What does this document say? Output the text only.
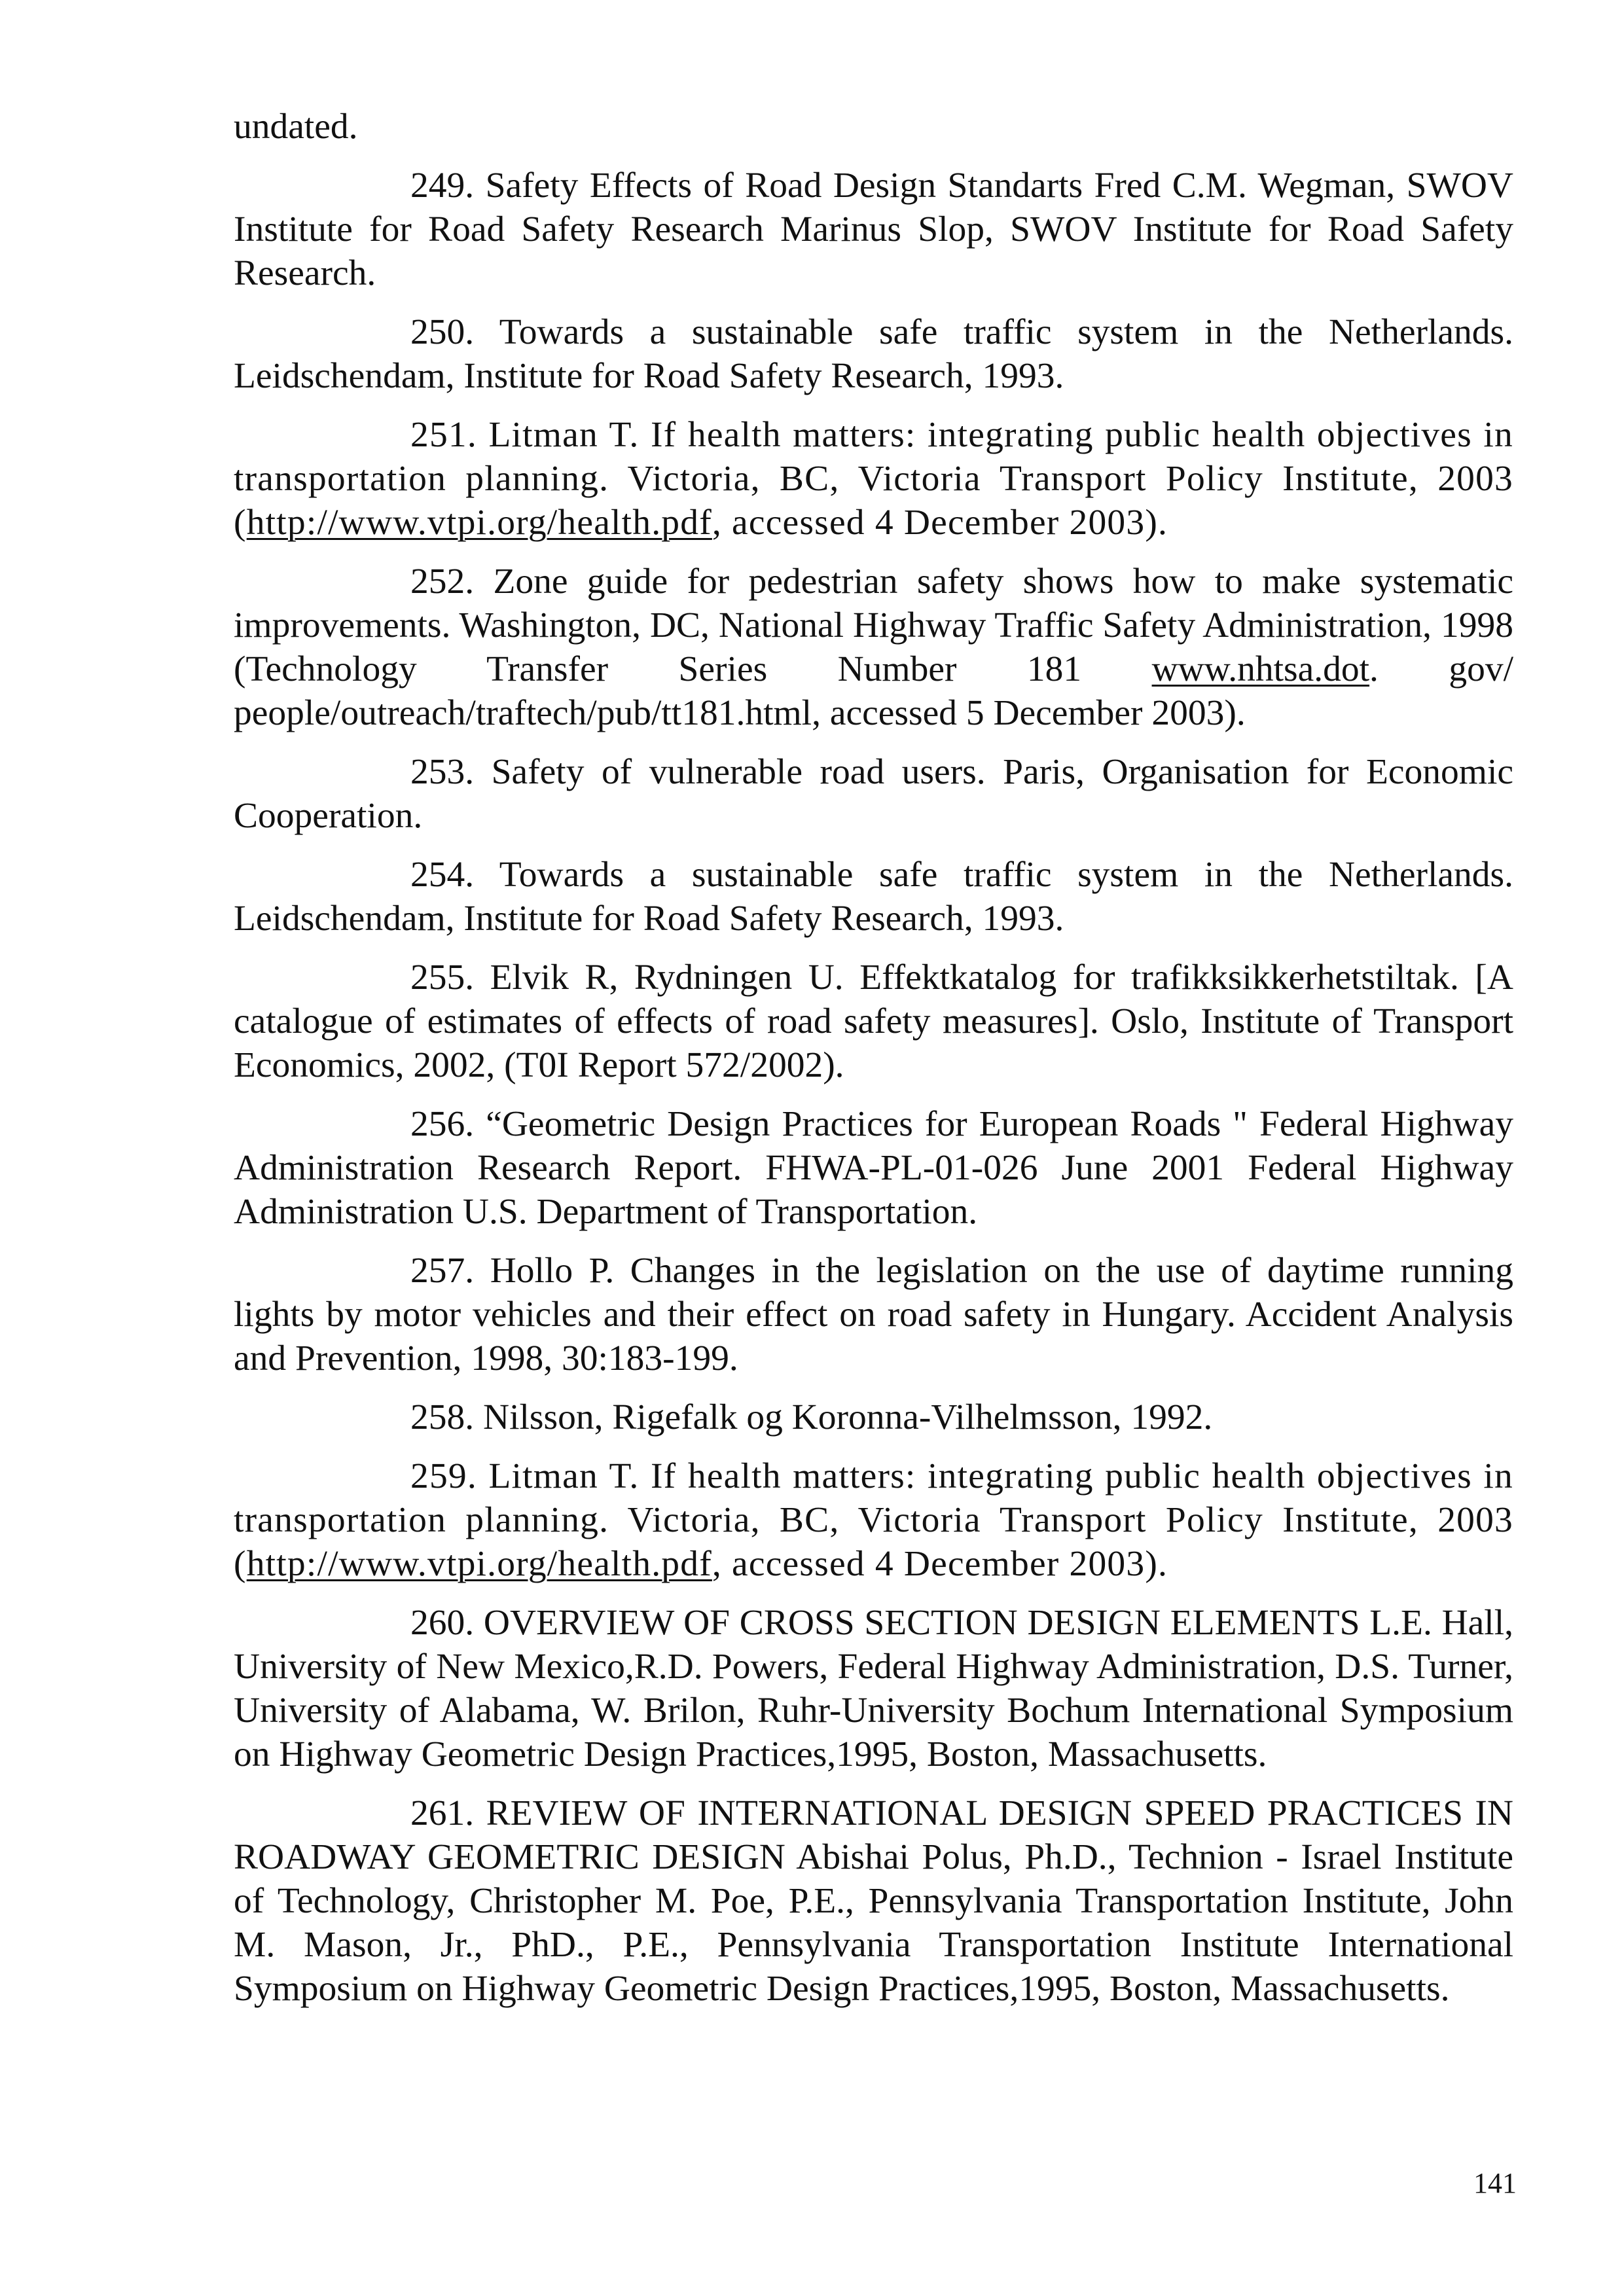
undated.

249. Safety Effects of Road Design Standarts Fred C.M. Wegman, SWOV Institute for Road Safety Research Marinus Slop, SWOV Institute for Road Safety Research.

250. Towards a sustainable safe traffic system in the Netherlands. Leidschendam, Institute for Road Safety Research, 1993.

251. Litman T. If health matters: integrating public health objectives in transportation planning. Victoria, BC, Victoria Transport Policy Institute, 2003 (http://www.vtpi.org/health.pdf, accessed 4 December 2003).

252. Zone guide for pedestrian safety shows how to make systematic improvements. Washington, DC, National Highway Traffic Safety Administration, 1998 (Technology Transfer Series Number 181 www.nhtsa.dot. gov/ people/outreach/traftech/pub/tt181.html, accessed 5 December 2003).

253. Safety of vulnerable road users. Paris, Organisation for Economic Cooperation.

254. Towards a sustainable safe traffic system in the Netherlands. Leidschendam, Institute for Road Safety Research, 1993.

255. Elvik R, Rydningen U. Effektkatalog for trafikksikkerhetstiltak. [A catalogue of estimates of effects of road safety measures]. Oslo, Institute of Transport Economics, 2002, (T0I Report 572/2002).

256. “Geometric Design Practices for European Roads " Federal Highway Administration Research Report. FHWA-PL-01-026 June 2001 Federal Highway Administration U.S. Department of Transportation.

257. Hollo P. Changes in the legislation on the use of daytime running lights by motor vehicles and their effect on road safety in Hungary. Accident Analysis and Prevention, 1998, 30:183-199.

258. Nilsson, Rigefalk og Koronna-Vilhelmsson, 1992.

259. Litman T. If health matters: integrating public health objectives in transportation planning. Victoria, BC, Victoria Transport Policy Institute, 2003 (http://www.vtpi.org/health.pdf, accessed 4 December 2003).

260. OVERVIEW OF CROSS SECTION DESIGN ELEMENTS L.E. Hall, University of New Mexico,R.D. Powers, Federal Highway Administration, D.S. Turner, University of Alabama, W. Brilon, Ruhr-University Bochum International Symposium on Highway Geometric Design Practices,1995, Boston, Massachusetts.

261. REVIEW OF INTERNATIONAL DESIGN SPEED PRACTICES IN ROADWAY GEOMETRIC DESIGN Abishai Polus, Ph.D., Technion - Israel Institute of Technology, Christopher M. Poe, P.E., Pennsylvania Transportation Institute, John M. Mason, Jr., PhD., P.E., Pennsylvania Transportation Institute International Symposium on Highway Geometric Design Practices,1995, Boston, Massachusetts.

141
